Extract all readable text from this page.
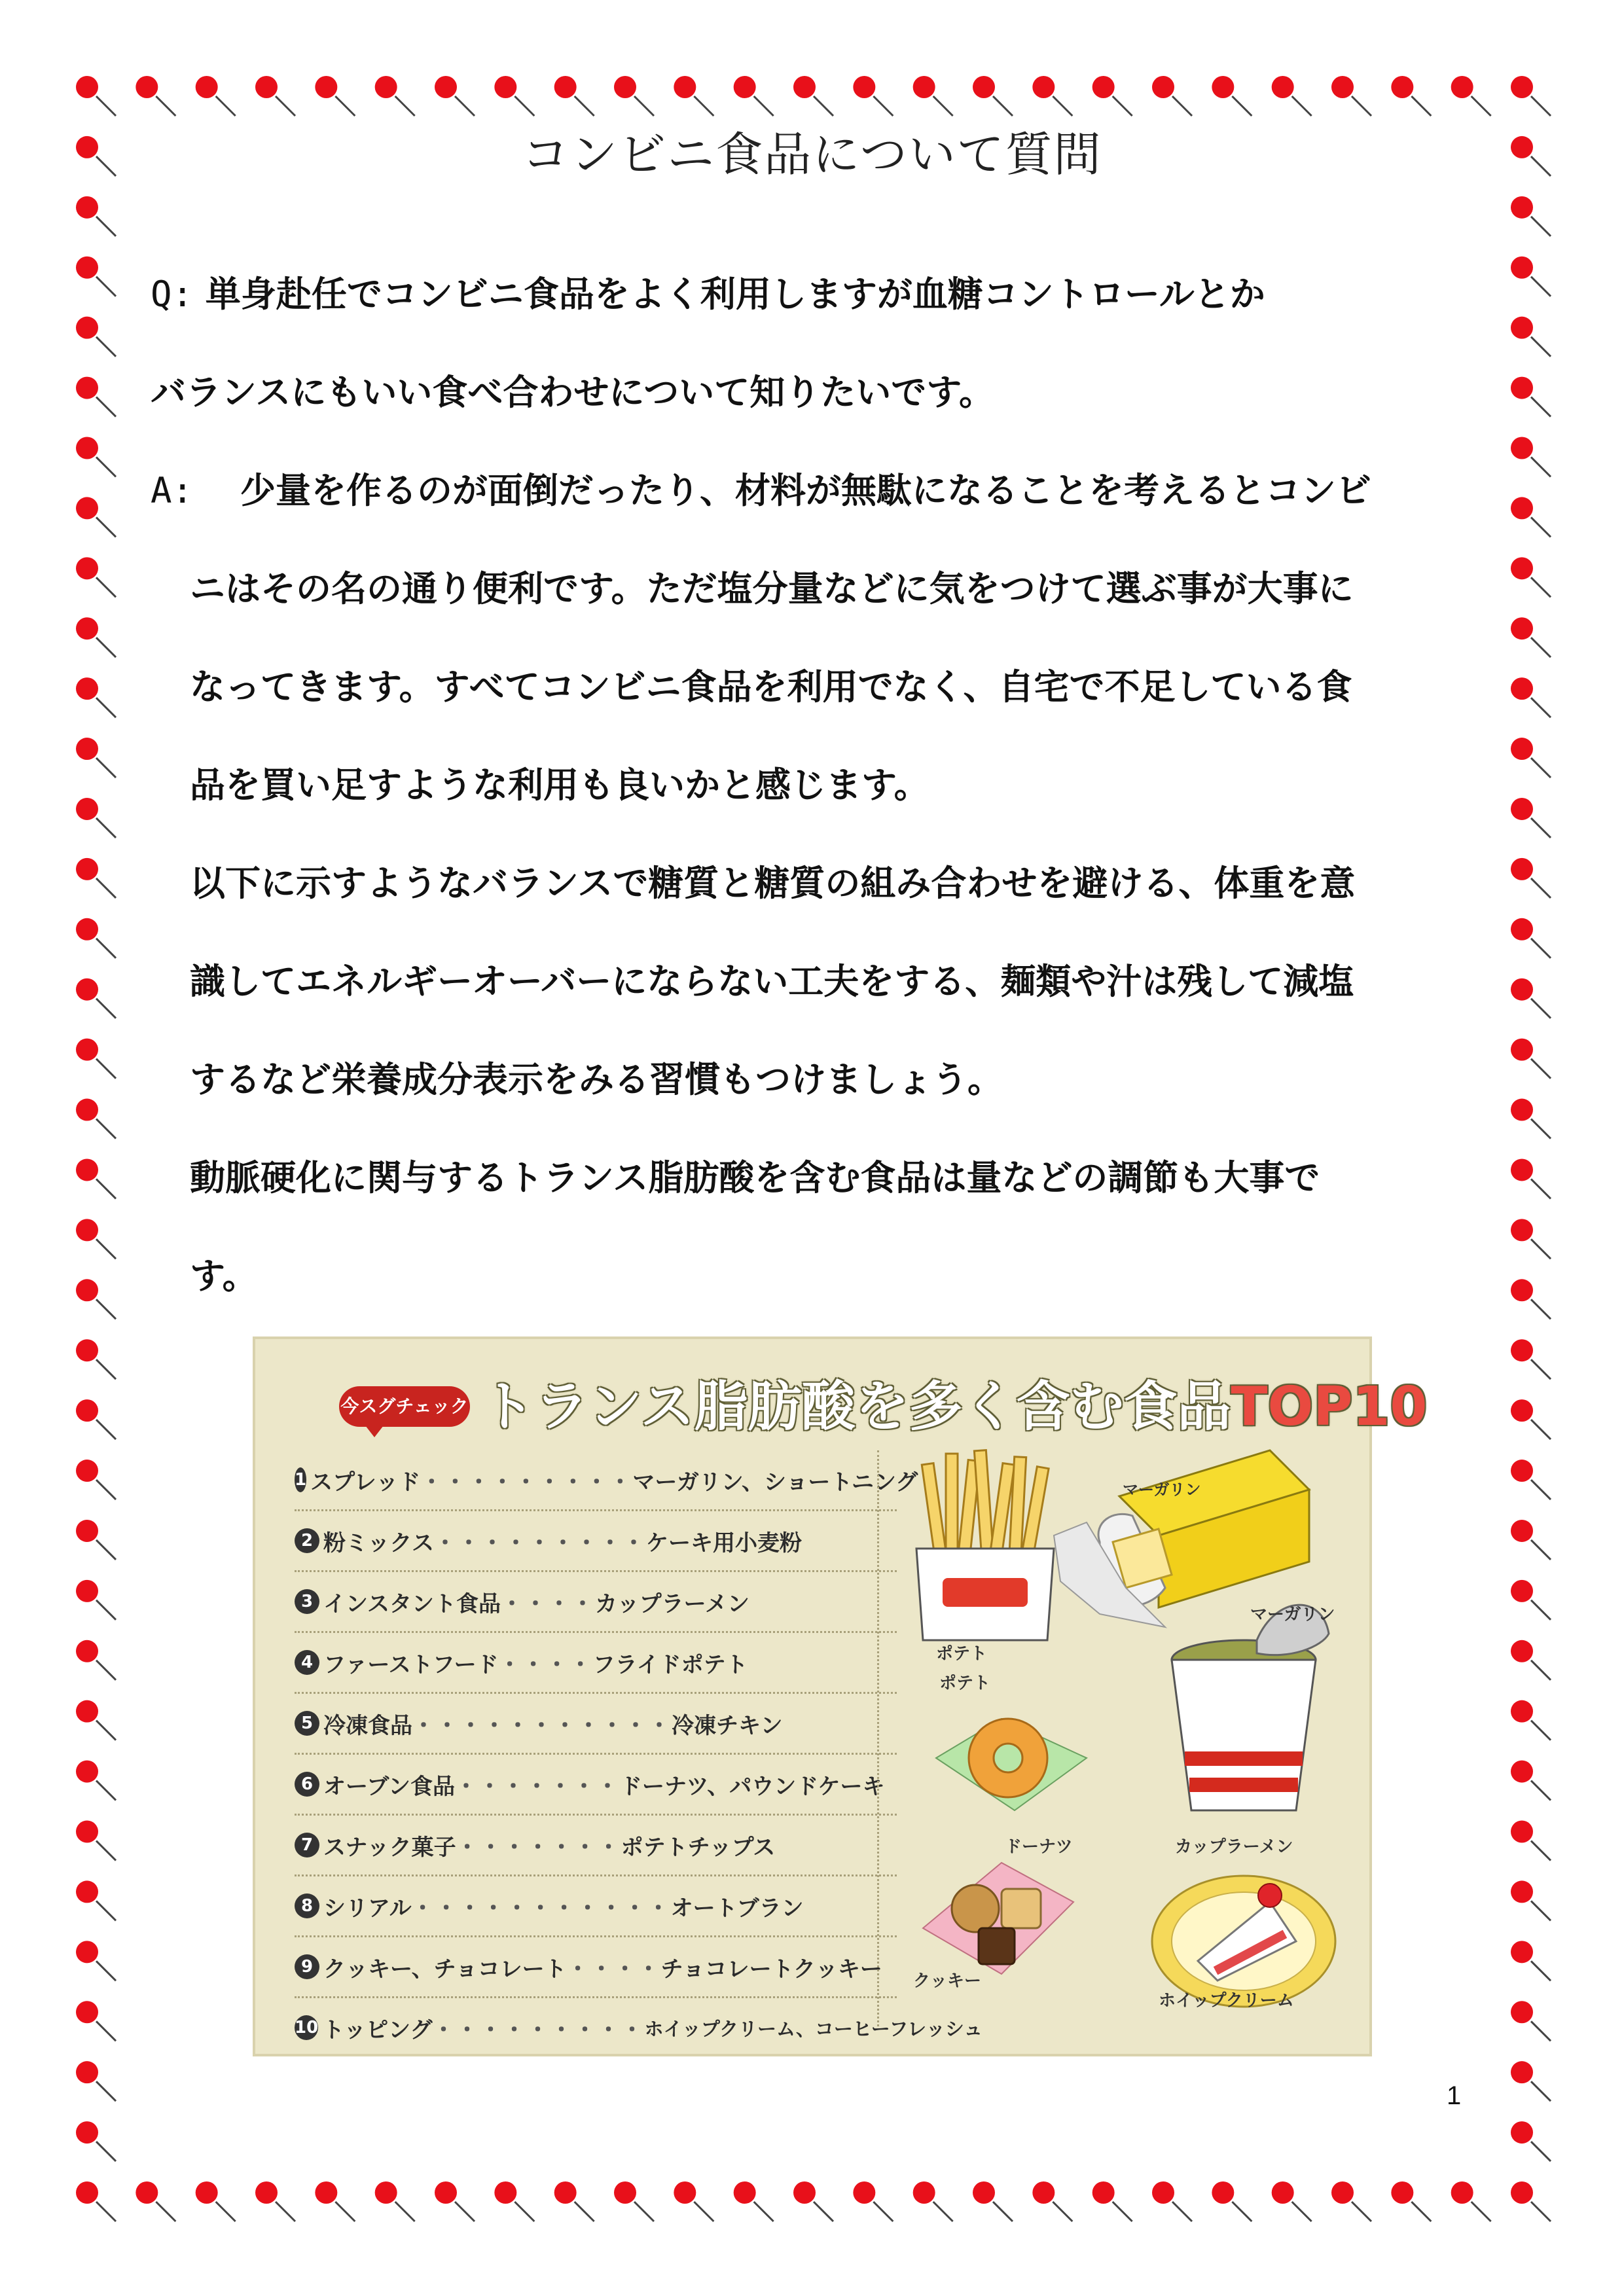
コンビニ食品について質問
Q: 単身赴任でコンビニ食品をよく利用しますが血糖コントロールとか
バランスにもいい食べ合わせについて知りたいです。
A: 少量を作るのが面倒だったり、材料が無駄になることを考えるとコンビ
ニはその名の通り便利です。ただ塩分量などに気をつけて選ぶ事が大事に
なってきます。すべてコンビニ食品を利用でなく、自宅で不足している食
品を買い足すような利用も良いかと感じます。
以下に示すようなバランスで糖質と糖質の組み合わせを避ける、体重を意
識してエネルギーオーバーにならない工夫をする、麺類や汁は残して減塩
するなど栄養成分表示をみる習慣もつけましょう。
動脈硬化に関与するトランス脂肪酸を含む食品は量などの調節も大事で
す。
今スグチェック トランス脂肪酸を多く含む食品TOP10
1 スプレッド ・・・・・・・・・ マーガリン、ショートニング
2 粉ミックス ・・・・・・・・・ ケーキ用小麦粉
3 インスタント食品 ・・・・ カップラーメン
4 ファーストフード ・・・・ フライドポテト
5 冷凍食品 ・・・・・・・・・・・ 冷凍チキン
6 オーブン食品 ・・・・・・・ ドーナツ、パウンドケーキ
7 スナック菓子 ・・・・・・・ ポテトチップス
8 シリアル ・・・・・・・・・・・ オートブラン
9 クッキー、チョコレート ・・・・ チョコレートクッキー
10 トッピング ・・・・・・・・・ ホイップクリーム、コーヒーフレッシュ
ポテト
ポテト
マーガリン
マーガリン
ドーナツ	カップラーメン
クッキー
ホイップクリーム
1
